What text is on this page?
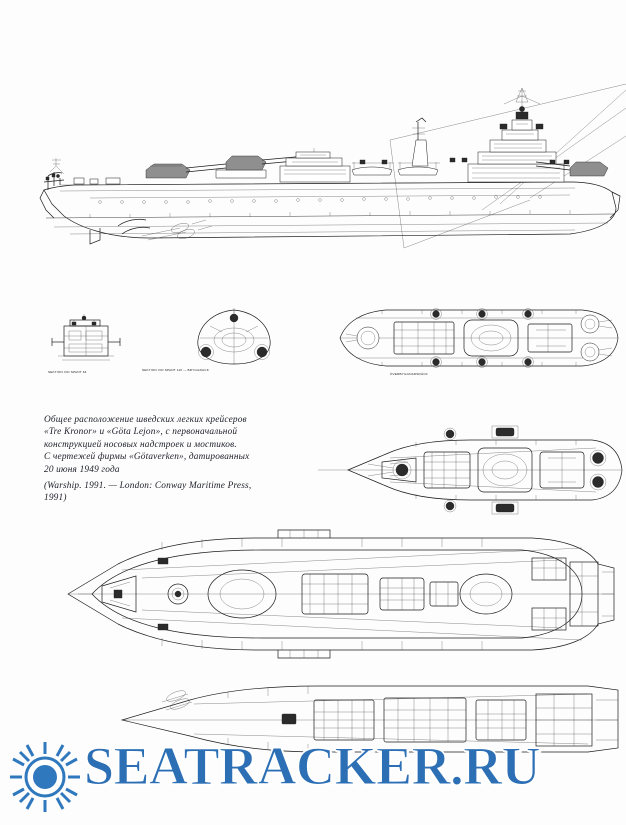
SEKTION VID SPANT 64	SEKTION VID SPANT 110 — BRYGGDACK
ÖVERBYGGNADSDÄCK
Общее расположение шведских легких крейсеров
«Tre Kronor» и «Göta Lejon», с первоначальной
конструкцией носовых надстроек и мостиков.
С чертежей фирмы «Götaverken», датированных
20 июня 1949 года
(Warship. 1991. — London: Conway Maritime Press,
1991)
SEATRACKER.RU
